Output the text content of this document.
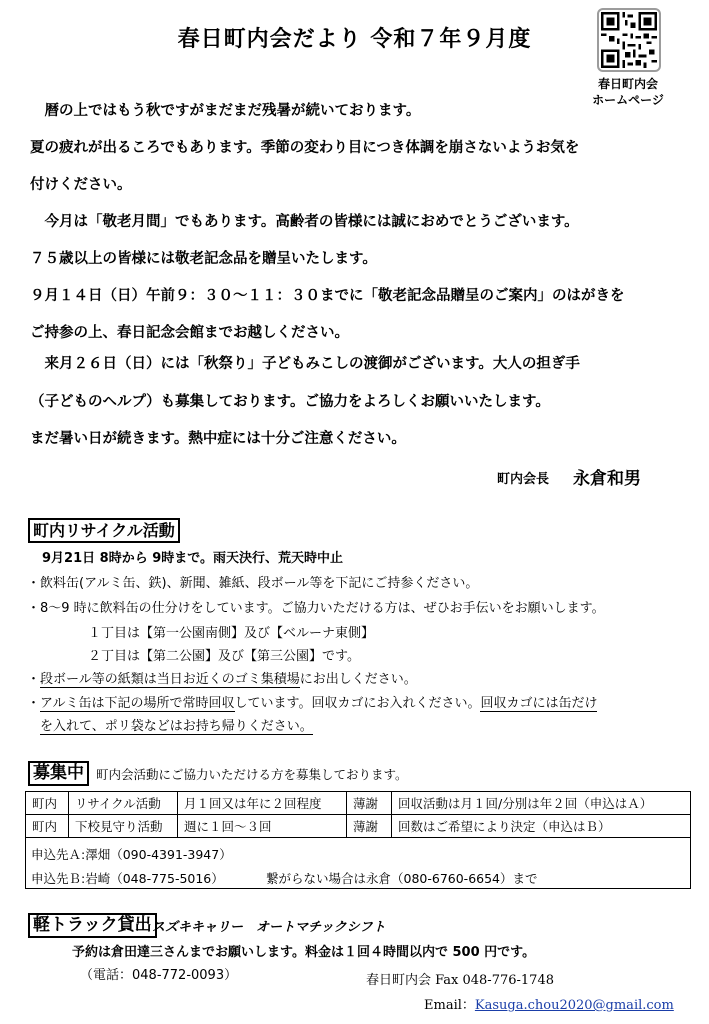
春日町内会だより 令和７年９月度
春日町内会
ホームページ
　暦の上ではもう秋ですがまだまだ残暑が続いております。
夏の疲れが出るころでもあります。季節の変わり目につき体調を崩さないようお気を
付けください。
　今月は「敬老月間」でもあります。高齢者の皆様には誠におめでとうございます。
７５歳以上の皆様には敬老記念品を贈呈いたします。
９月１４日（日）午前９：３０～１１：３０までに「敬老記念品贈呈のご案内」のはがきを
ご持参の上、春日記念会館までお越しください。
　来月２６日（日）には「秋祭り」子どもみこしの渡御がございます。大人の担ぎ手
（子どものヘルプ）も募集しております。ご協力をよろしくお願いいたします。
まだ暑い日が続きます。熱中症には十分ご注意ください。
町内会長 永倉和男
町内リサイクル活動
9月21日 8時から 9時まで。雨天決行、荒天時中止
・飲料缶(アルミ缶、鉄)、新聞、雑紙、段ボール等を下記にご持参ください。
・8～9 時に飲料缶の仕分けをしています。ご協力いただける方は、ぜひお手伝いをお願いします。
１丁目は【第一公園南側】及び【ベルーナ東側】
２丁目は【第二公園】及び【第三公園】です。
・段ボール等の紙類は当日お近くのゴミ集積場にお出しください。
・アルミ缶は下記の場所で常時回収しています。回収カゴにお入れください。回収カゴには缶だけ
を入れて、ポリ袋などはお持ち帰りください。
募集中 町内会活動にご協力いただける方を募集しております。
町内	リサイクル活動	月１回又は年に２回程度	薄謝	回収活動は月１回/分別は年２回（申込はＡ）
町内	下校見守り活動	週に１回～３回	薄謝	回数はご希望により決定（申込はＢ）
申込先Ａ:澤畑（090-4391-3947）
申込先Ｂ:岩崎（048-775-5016）	繋がらない場合は永倉（080-6760-6654）まで
軽トラック貸出 スズキキャリー　オートマチックシフト
予約は倉田達三さんまでお願いします。料金は１回４時間以内で 500 円です。
（電話：048-772-0093）	春日町内会 Fax 048-776-1748
Email：Kasuga.chou2020@gmail.com
